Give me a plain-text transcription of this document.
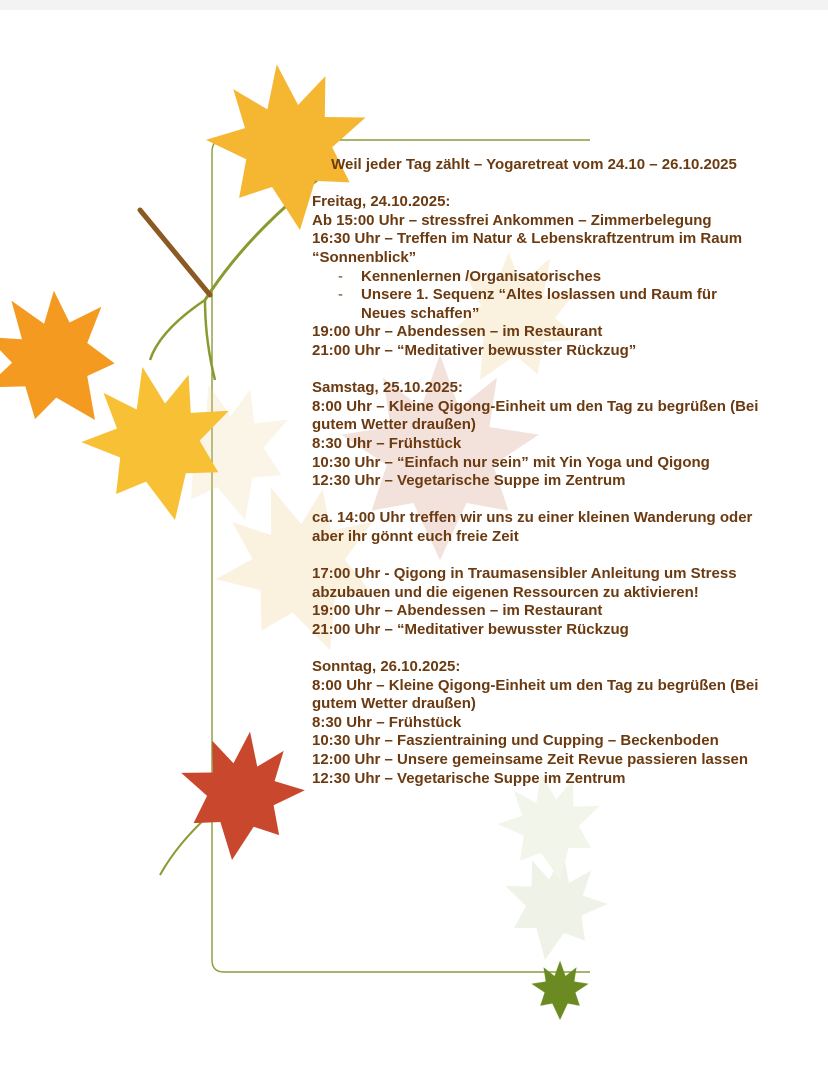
Weil jeder Tag zählt – Yogaretreat vom 24.10 – 26.10.2025

Freitag, 24.10.2025:

Ab 15:00 Uhr – stressfrei Ankommen – Zimmerbelegung

16:30 Uhr – Treffen im Natur & Lebenskraftzentrum im Raum “Sonnenblick”

-	Kennenlernen /Organisatorisches
-	Unsere 1. Sequenz “Altes loslassen und Raum für Neues schaffen”

19:00 Uhr – Abendessen – im Restaurant

21:00 Uhr – “Meditativer bewusster Rückzug”

Samstag, 25.10.2025:

8:00 Uhr – Kleine Qigong-Einheit um den Tag zu begrüßen (Bei gutem Wetter draußen)

8:30 Uhr – Frühstück

10:30 Uhr – “Einfach nur sein” mit Yin Yoga und Qigong

12:30 Uhr – Vegetarische Suppe im Zentrum

ca. 14:00 Uhr treffen wir uns zu einer kleinen Wanderung oder aber ihr gönnt euch freie Zeit

17:00 Uhr - Qigong in Traumasensibler Anleitung um Stress abzubauen und die eigenen Ressourcen zu aktivieren!

19:00 Uhr – Abendessen – im Restaurant

21:00 Uhr – “Meditativer bewusster Rückzug

Sonntag, 26.10.2025:

8:00 Uhr – Kleine Qigong-Einheit um den Tag zu begrüßen (Bei gutem Wetter draußen)

8:30 Uhr – Frühstück

10:30 Uhr – Faszientraining und Cupping – Beckenboden

12:00 Uhr – Unsere gemeinsame Zeit Revue passieren lassen

12:30 Uhr – Vegetarische Suppe im Zentrum
